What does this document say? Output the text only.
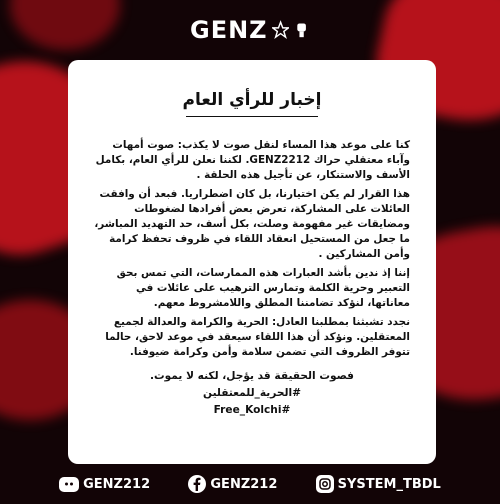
GENZ
إخبار للرأي العام

كنا على موعد هذا المساء لنقل صوت لا يكذب: صوت أمهات وآباء معتقلي حراك GENZ2212. لكننا نعلن للرأي العام، بكامل الأسف والاستنكار، عن تأجيل هذه الحلقة .

هذا القرار لم يكن اختيارنا، بل كان اضطراريا. فبعد أن وافقت العائلات على المشاركة، تعرض بعض أفرادها لضغوطات ومضايقات غير مفهومة وصلت، بكل أسف، حد التهديد المباشر، ما جعل من المستحيل انعقاد اللقاء في ظروف تحفظ كرامة وأمن المشاركين .

إننا إذ ندين بأشد العبارات هذه الممارسات، التي تمس بحق التعبير وحرية الكلمة وتمارس الترهيب على عائلات في معاناتها، لنؤكد تضامننا المطلق واللامشروط معهم.

نجدد تشبثنا بمطلبنا العادل: الحرية والكرامة والعدالة لجميع المعتقلين. ونؤكد أن هذا اللقاء سيعقد في موعد لاحق، حالما تتوفر الظروف التي تضمن سلامة وأمن وكرامة ضيوفنا.

فصوت الحقيقة قد يؤجل، لكنه لا يموت.
#الحرية_للمعتقلين
#Free_Kolchi
GENZ212	GENZ212	SYSTEM_TBDL
